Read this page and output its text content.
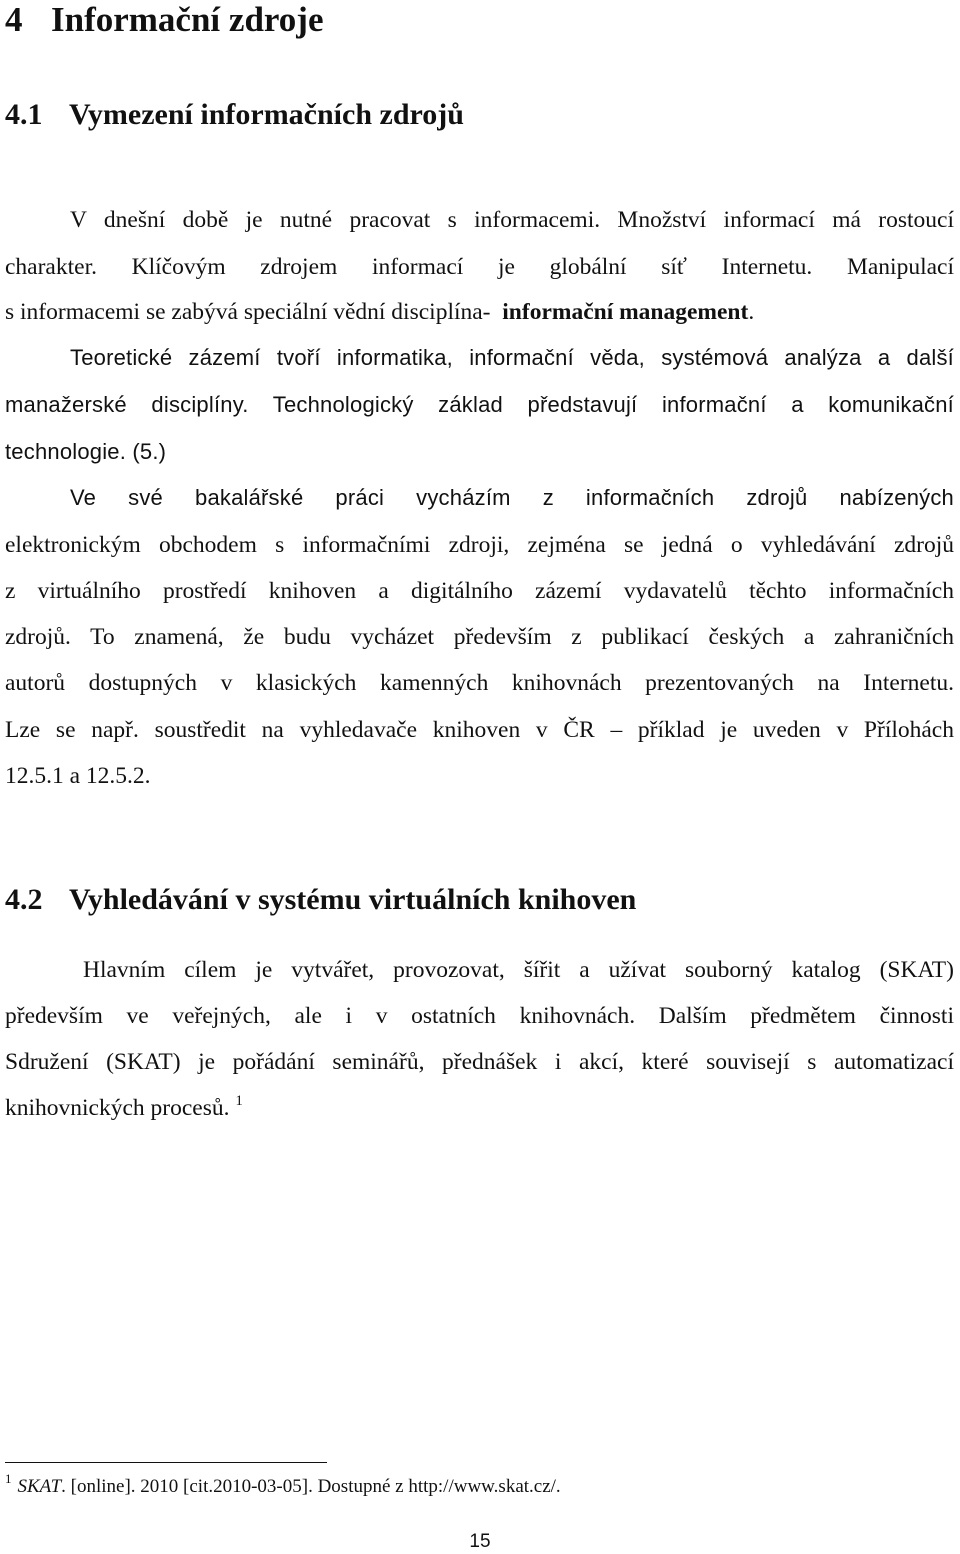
4 Informační zdroje
4.1 Vymezení informačních zdrojů
V dnešní době je nutné pracovat s informacemi. Množství informací má rostoucí
charakter. Klíčovým zdrojem informací je globální síť Internetu. Manipulací
s informacemi se zabývá speciální vědní disciplína- informační management.
Teoretické zázemí tvoří informatika, informační věda, systémová analýza a další
manažerské disciplíny. Technologický základ představují informační a komunikační
technologie. (5.)
Ve své bakalářské práci vycházím z informačních zdrojů nabízených
elektronickým obchodem s informačními zdroji, zejména se jedná o vyhledávání zdrojů
z virtuálního prostředí knihoven a digitálního zázemí vydavatelů těchto informačních
zdrojů. To znamená, že budu vycházet především z publikací českých a zahraničních
autorů dostupných v klasických kamenných knihovnách prezentovaných na Internetu.
Lze se např. soustředit na vyhledavače knihoven v ČR – příklad je uveden v Přílohách
12.5.1 a 12.5.2.
4.2 Vyhledávání v systému virtuálních knihoven
Hlavním cílem je vytvářet, provozovat, šířit a užívat souborný katalog (SKAT)
především ve veřejných, ale i v ostatních knihovnách. Dalším předmětem činnosti
Sdružení (SKAT) je pořádání seminářů, přednášek i akcí, které souvisejí s automatizací
knihovnických procesů. $^1$
$^1$ SKAT. [online]. 2010 [cit.2010-03-05]. Dostupné z http://www.skat.cz/.
15
